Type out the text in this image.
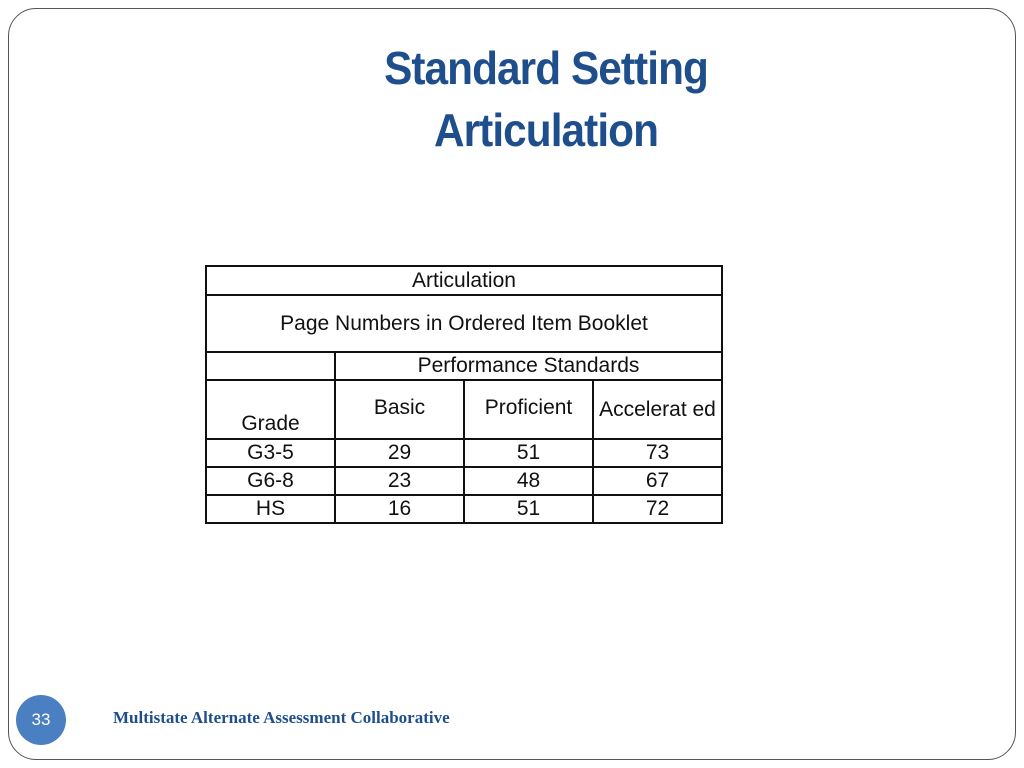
Standard Setting
Articulation
Articulation			
Page Numbers in Ordered Item Booklet			
	Performance Standards		

Grade	Basic	Proficient	Accelerat ed
G3-5	29	51	73
G6-8	23	48	67
HS	16	51	72
33	Multistate Alternate Assessment Collaborative
